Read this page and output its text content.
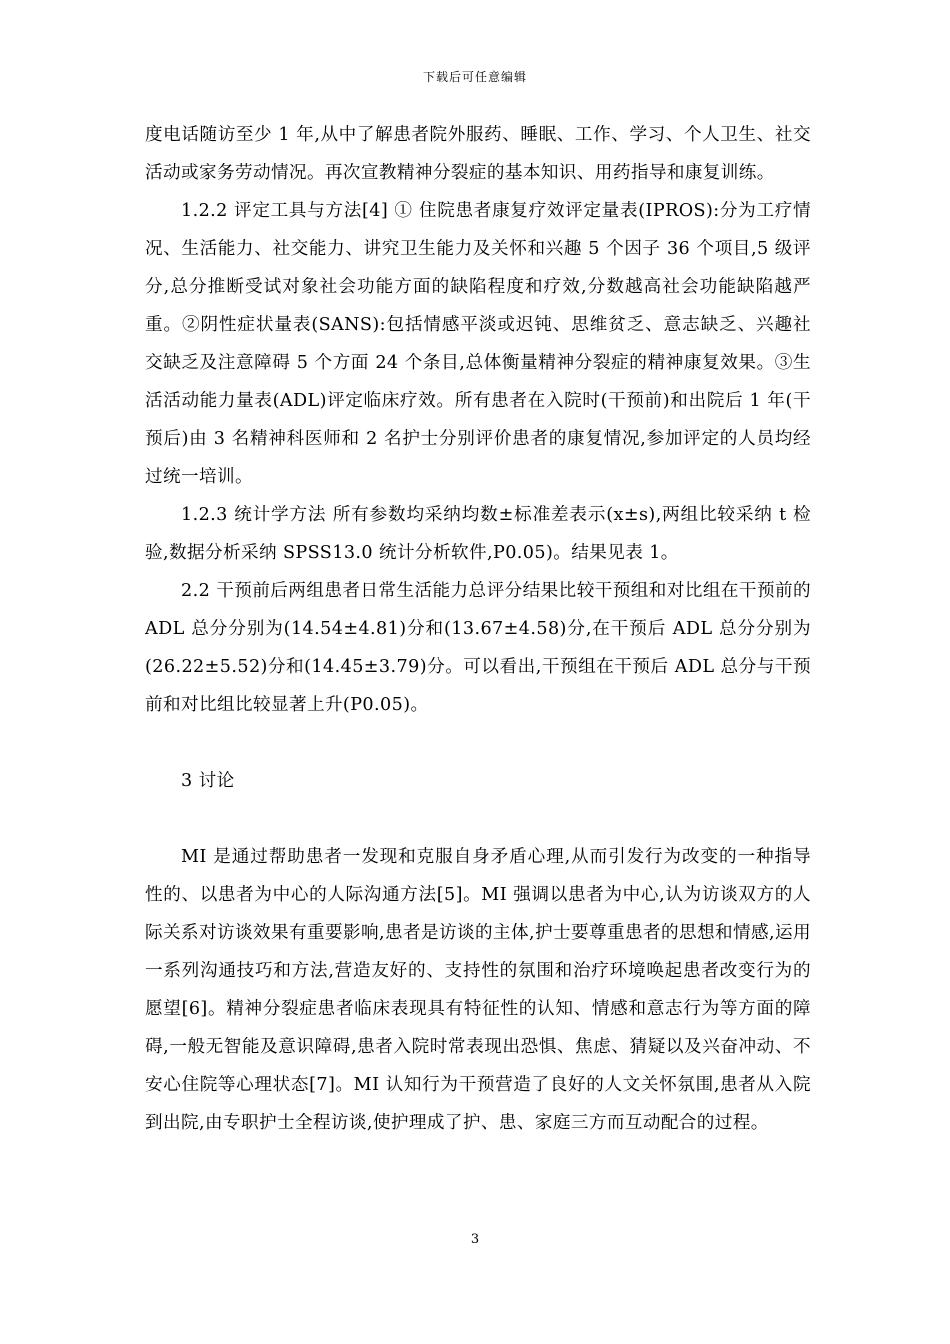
下载后可任意编辑

度电话随访至少 1 年,从中了解患者院外服药、睡眠、工作、学习、个人卫生、社交活动或家务劳动情况。再次宣教精神分裂症的基本知识、用药指导和康复训练。

1.2.2 评定工具与方法[4] ① 住院患者康复疗效评定量表(IPROS):分为工疗情况、生活能力、社交能力、讲究卫生能力及关怀和兴趣 5 个因子 36 个项目,5 级评分,总分推断受试对象社会功能方面的缺陷程度和疗效,分数越高社会功能缺陷越严重。②阴性症状量表(SANS):包括情感平淡或迟钝、思维贫乏、意志缺乏、兴趣社交缺乏及注意障碍 5 个方面 24 个条目,总体衡量精神分裂症的精神康复效果。③生活活动能力量表(ADL)评定临床疗效。所有患者在入院时(干预前)和出院后 1 年(干预后)由 3 名精神科医师和 2 名护士分别评价患者的康复情况,参加评定的人员均经过统一培训。

1.2.3 统计学方法 所有参数均采纳均数±标准差表示(x±s),两组比较采纳 t 检验,数据分析采纳 SPSS13.0 统计分析软件,P0.05)。结果见表 1。

2.2 干预前后两组患者日常生活能力总评分结果比较干预组和对比组在干预前的 ADL 总分分别为(14.54±4.81)分和(13.67±4.58)分,在干预后 ADL 总分分别为(26.22±5.52)分和(14.45±3.79)分。可以看出,干预组在干预后 ADL 总分与干预前和对比组比较显著上升(P0.05)。

3 讨论

MI 是通过帮助患者一发现和克服自身矛盾心理,从而引发行为改变的一种指导性的、以患者为中心的人际沟通方法[5]。MI 强调以患者为中心,认为访谈双方的人际关系对访谈效果有重要影响,患者是访谈的主体,护士要尊重患者的思想和情感,运用一系列沟通技巧和方法,营造友好的、支持性的氛围和治疗环境唤起患者改变行为的愿望[6]。精神分裂症患者临床表现具有特征性的认知、情感和意志行为等方面的障碍,一般无智能及意识障碍,患者入院时常表现出恐惧、焦虑、猜疑以及兴奋冲动、不安心住院等心理状态[7]。MI 认知行为干预营造了良好的人文关怀氛围,患者从入院到出院,由专职护士全程访谈,使护理成了护、患、家庭三方而互动配合的过程。

3
